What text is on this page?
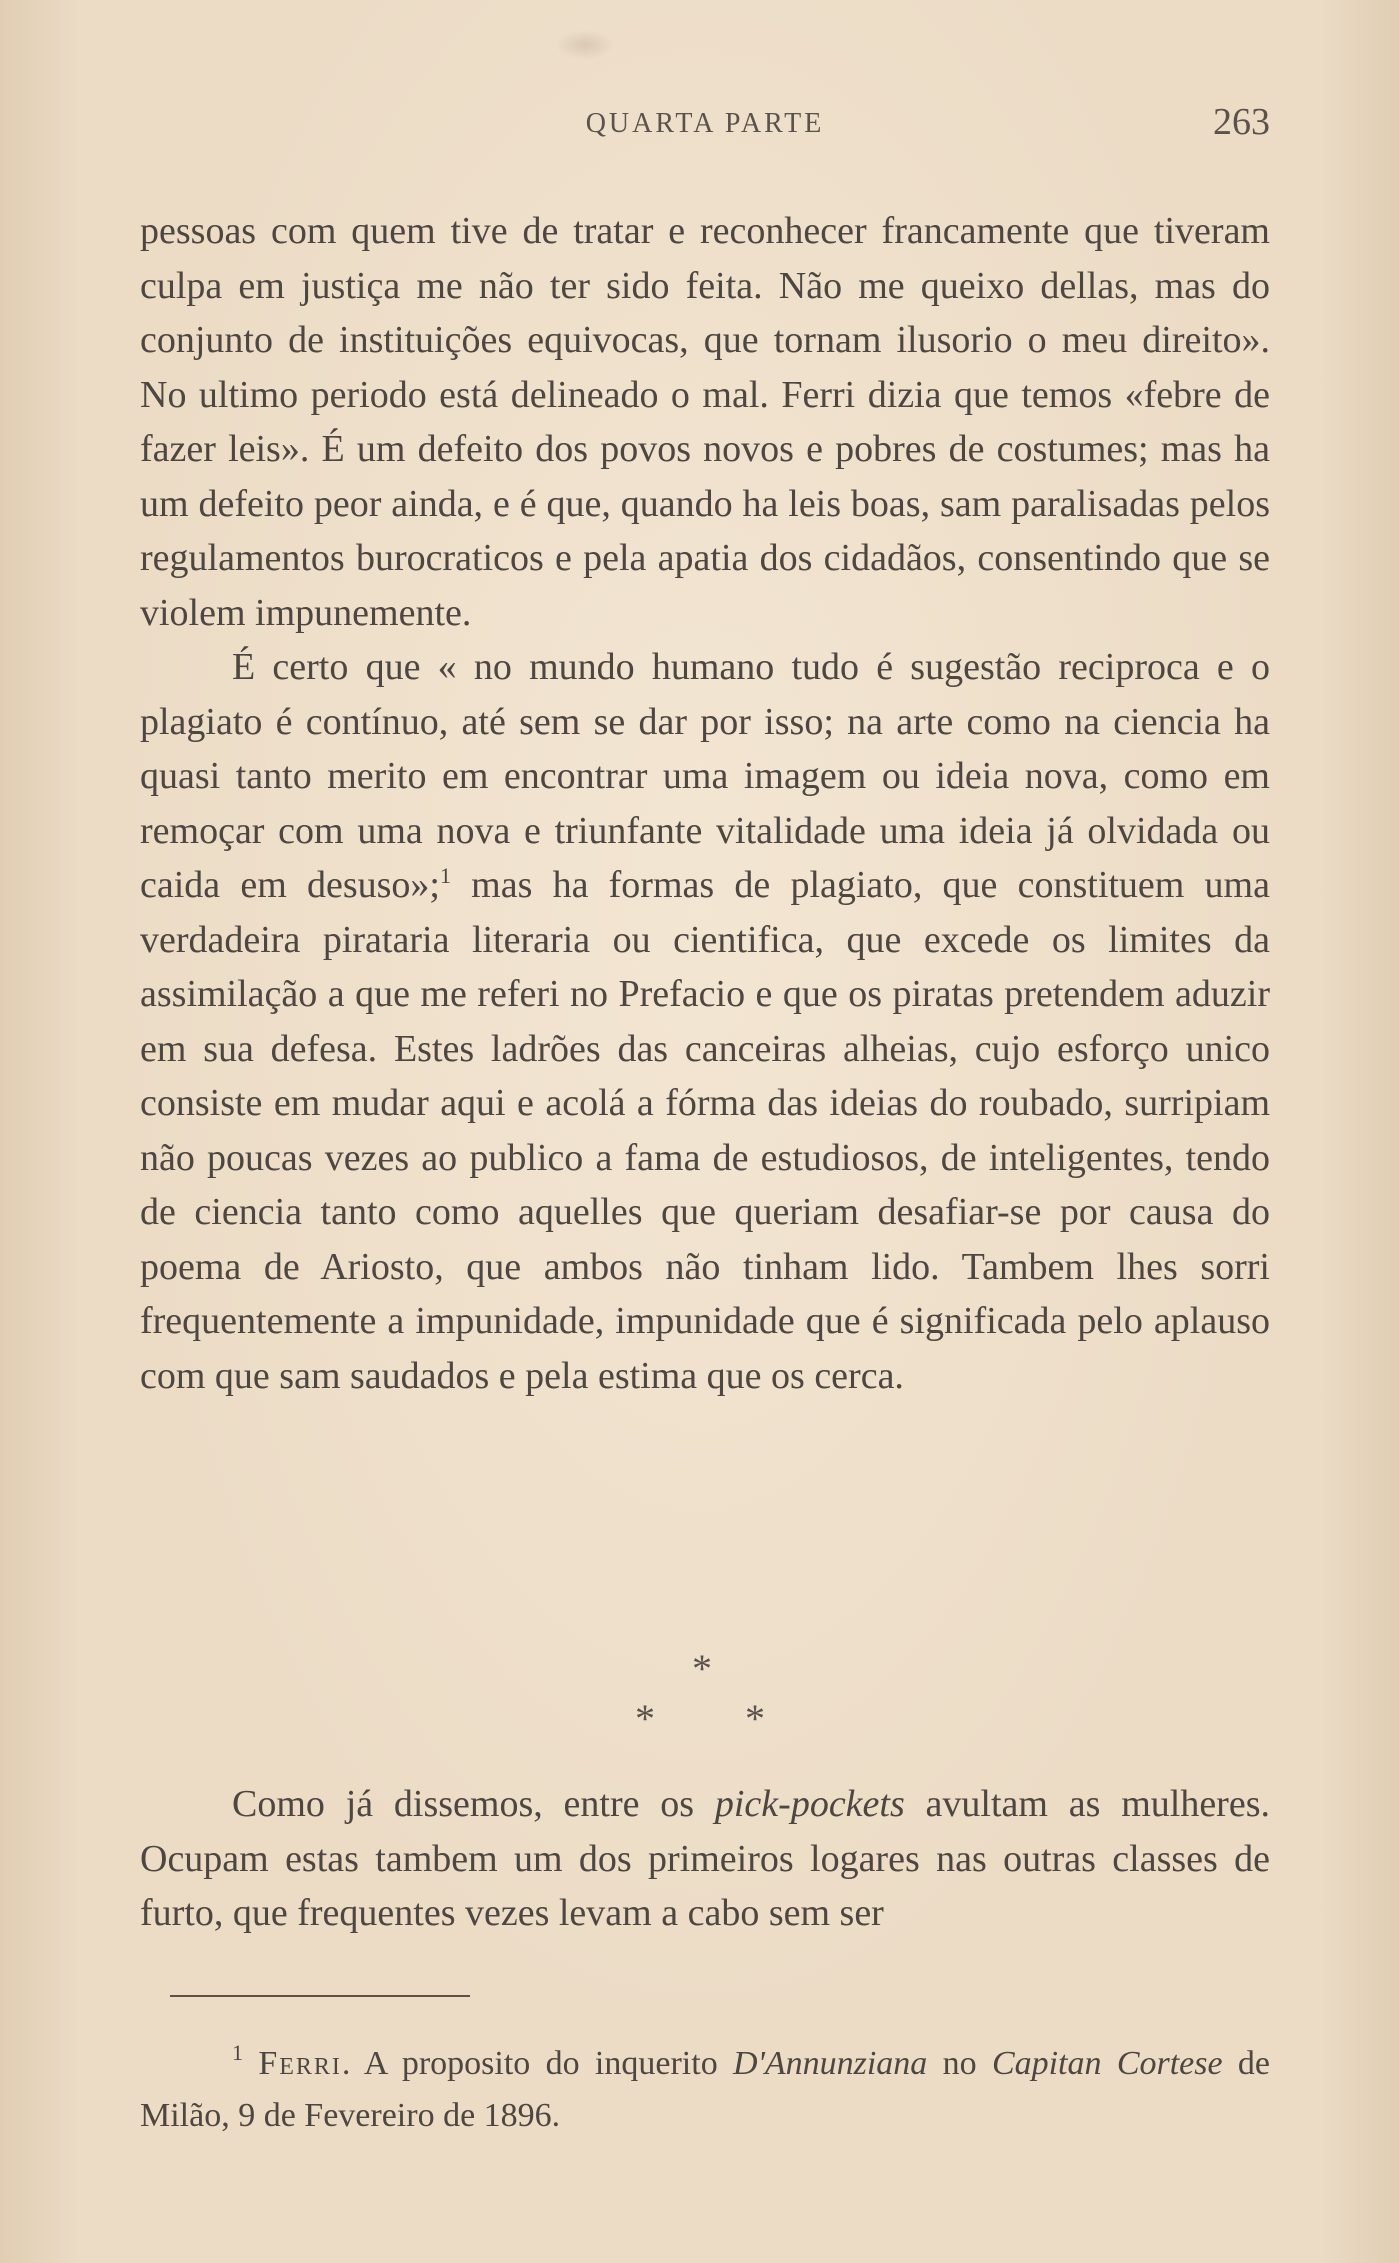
QUARTA PARTE	263

pessoas com quem tive de tratar e reconhecer francamente que tiveram culpa em justiça me não ter sido feita. Não me queixo dellas, mas do conjunto de instituições equivocas, que tornam ilusorio o meu direito». No ultimo periodo está delineado o mal. Ferri dizia que temos «febre de fazer leis». É um defeito dos povos novos e pobres de costumes; mas ha um defeito peor ainda, e é que, quando ha leis boas, sam paralisadas pelos regulamentos burocraticos e pela apatia dos cidadãos, consentindo que se violem impunemente.

É certo que « no mundo humano tudo é sugestão reciproca e o plagiato é contínuo, até sem se dar por isso; na arte como na ciencia ha quasi tanto merito em encontrar uma imagem ou ideia nova, como em remoçar com uma nova e triunfante vitalidade uma ideia já olvidada ou caida em desuso»;$^1$ mas ha formas de plagiato, que constituem uma verdadeira pirataria literaria ou cientifica, que excede os limites da assimilação a que me referi no Prefacio e que os piratas pretendem aduzir em sua defesa. Estes ladrões das canceiras alheias, cujo esforço unico consiste em mudar aqui e acolá a fórma das ideias do roubado, surripiam não poucas vezes ao publico a fama de estudiosos, de inteligentes, tendo de ciencia tanto como aquelles que queriam desafiar-se por causa do poema de Ariosto, que ambos não tinham lido. Tambem lhes sorri frequentemente a impunidade, impunidade que é significada pelo aplauso com que sam saudados e pela estima que os cerca.

*
* *

Como já dissemos, entre os pick-pockets avultam as mulheres. Ocupam estas tambem um dos primeiros logares nas outras classes de furto, que frequentes vezes levam a cabo sem ser

$^1$ Ferri. A proposito do inquerito D'Annunziana no Capitan Cortese de Milão, 9 de Fevereiro de 1896.
